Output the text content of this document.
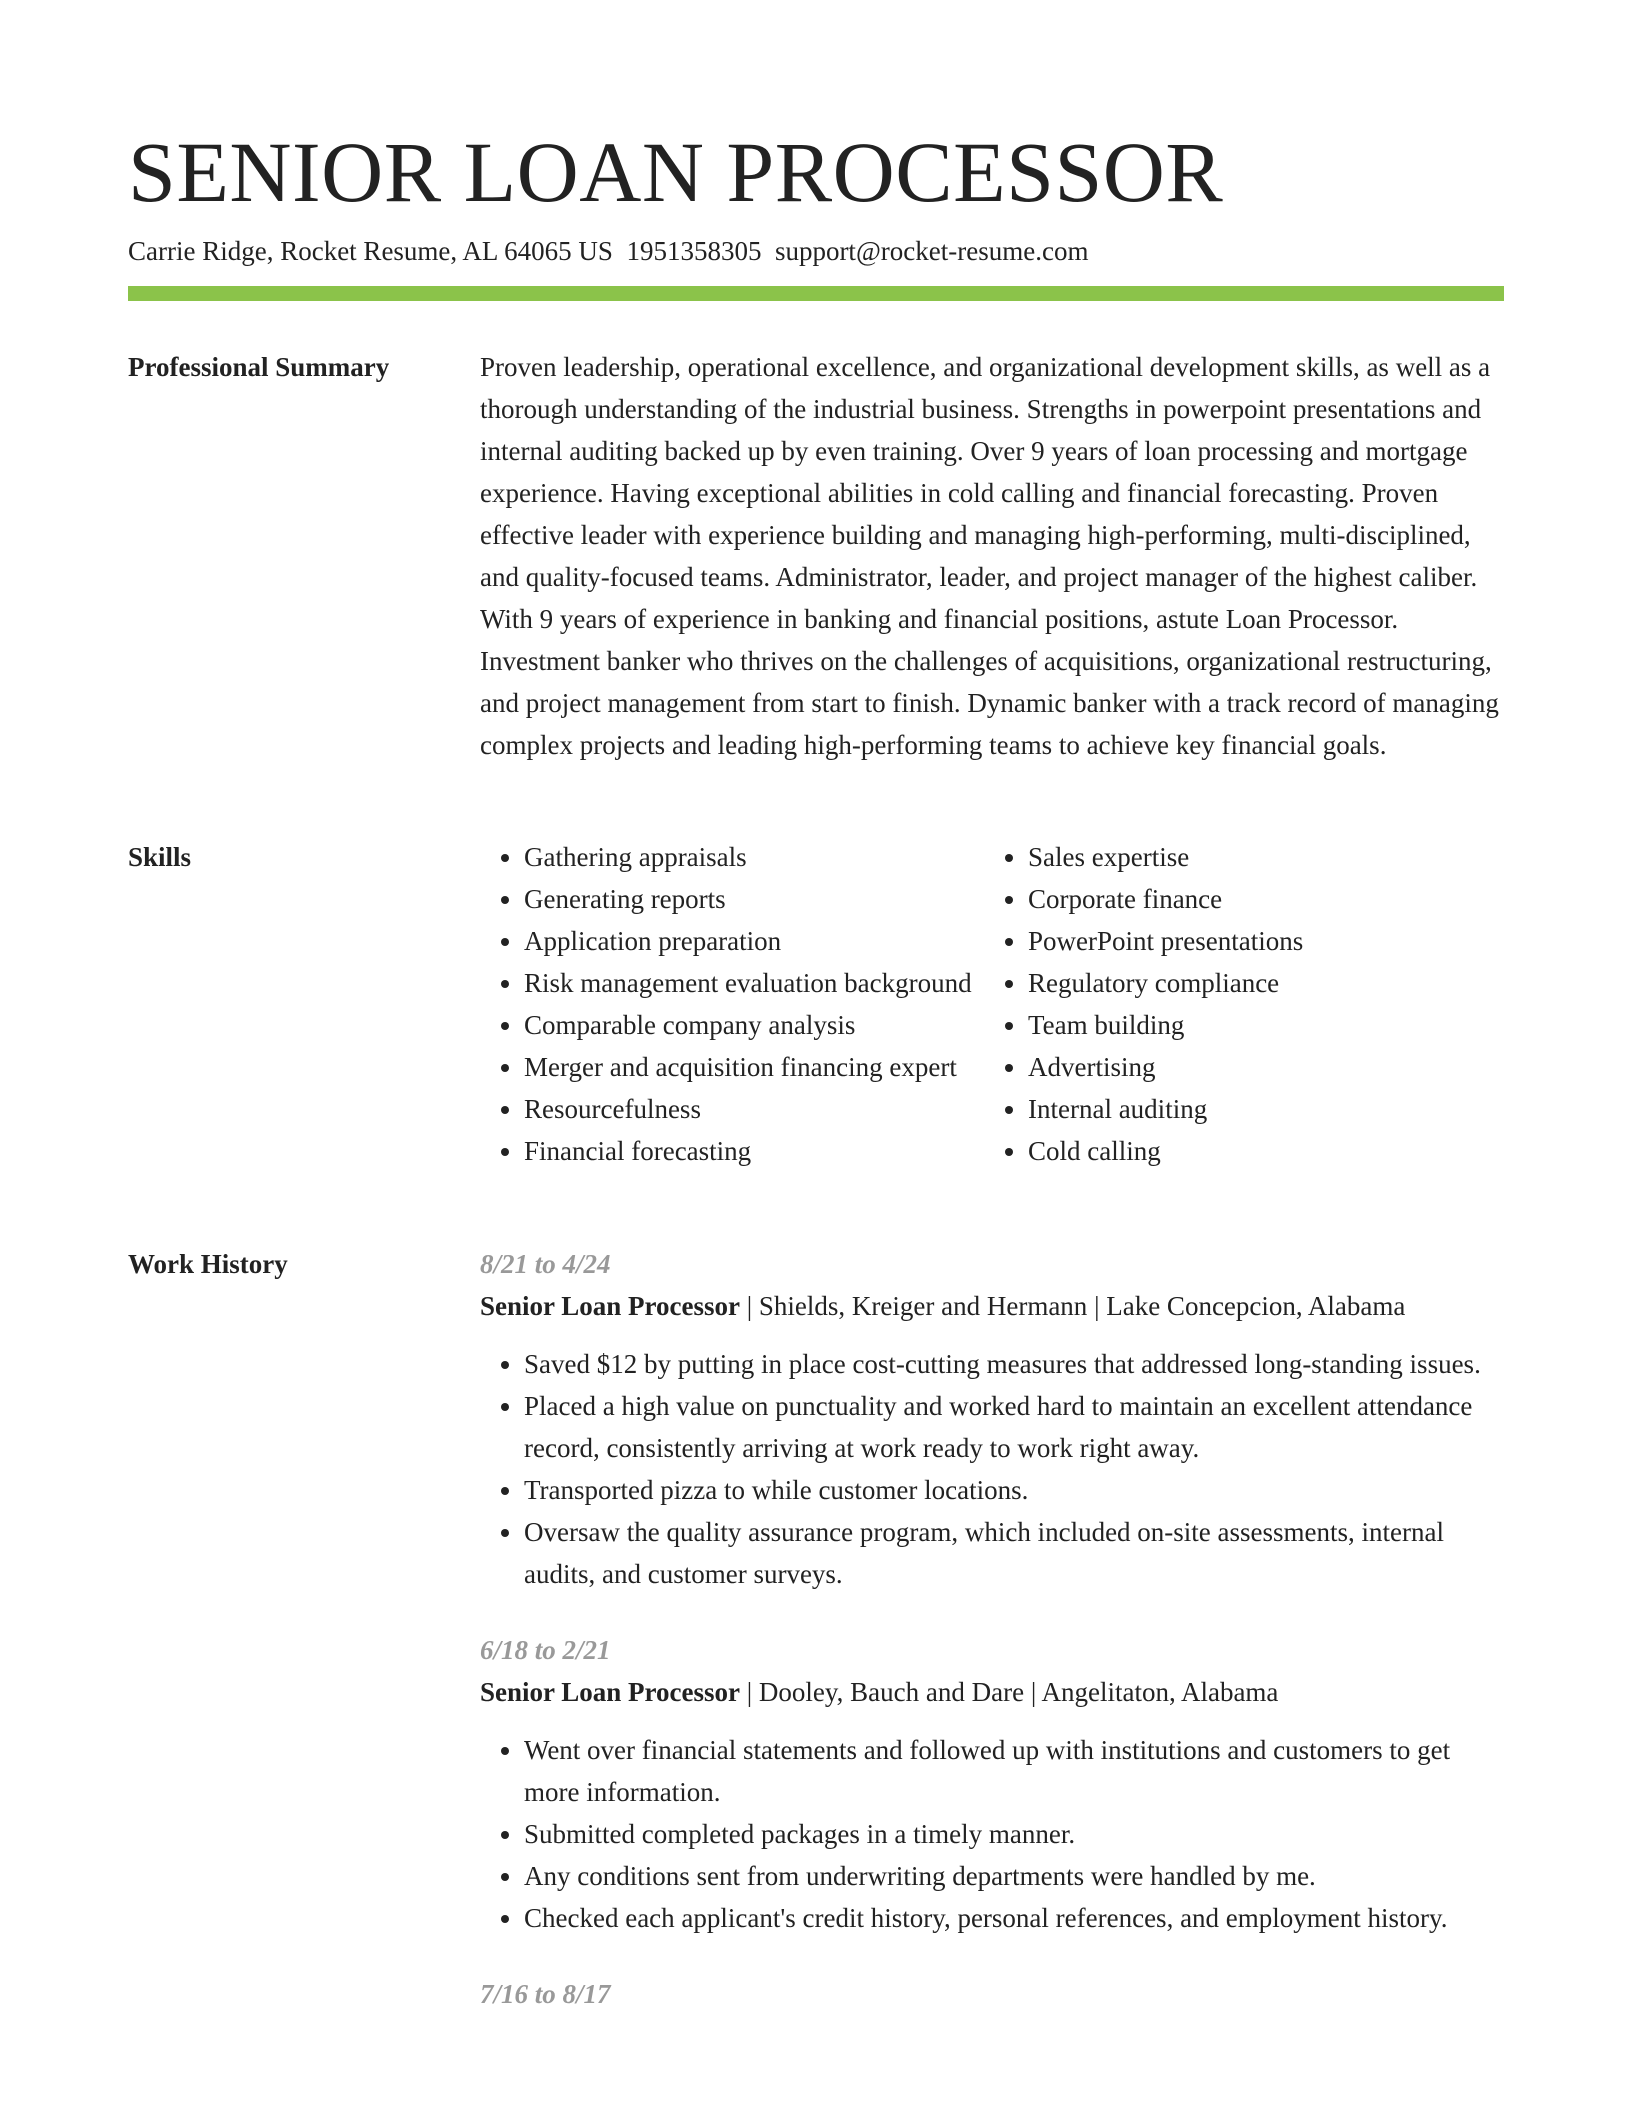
SENIOR LOAN PROCESSOR
Carrie Ridge, Rocket Resume, AL 64065 US 1951358305 support@rocket-resume.com
Professional Summary	Proven leadership, operational excellence, and organizational development skills, as well as a thorough understanding of the industrial business. Strengths in powerpoint presentations and internal auditing backed up by even training. Over 9 years of loan processing and mortgage experience. Having exceptional abilities in cold calling and financial forecasting. Proven effective leader with experience building and managing high-performing, multi-disciplined, and quality-focused teams. Administrator, leader, and project manager of the highest caliber. With 9 years of experience in banking and financial positions, astute Loan Processor. Investment banker who thrives on the challenges of acquisitions, organizational restructuring, and project management from start to finish. Dynamic banker with a track record of managing complex projects and leading high-performing teams to achieve key financial goals.

Skills
•	Gathering appraisals
• Generating reports
• Application preparation
• Risk management evaluation background
• Comparable company analysis
• Merger and acquisition financing expert
• Resourcefulness
• Financial forecasting
• Sales expertise
• Corporate finance
• PowerPoint presentations
• Regulatory compliance
• Team building
• Advertising
• Internal auditing
• Cold calling
Work History	8/21 to 4/24
Senior Loan Processor | Shields, Kreiger and Hermann | Lake Concepcion, Alabama
• Saved $12 by putting in place cost-cutting measures that addressed long-standing issues.
• Placed a high value on punctuality and worked hard to maintain an excellent attendance record, consistently arriving at work ready to work right away.
• Transported pizza to while customer locations.
• Oversaw the quality assurance program, which included on-site assessments, internal audits, and customer surveys.
6/18 to 2/21
Senior Loan Processor | Dooley, Bauch and Dare | Angelitaton, Alabama
• Went over financial statements and followed up with institutions and customers to get more information.
• Submitted completed packages in a timely manner.
• Any conditions sent from underwriting departments were handled by me.
• Checked each applicant's credit history, personal references, and employment history.
7/16 to 8/17
